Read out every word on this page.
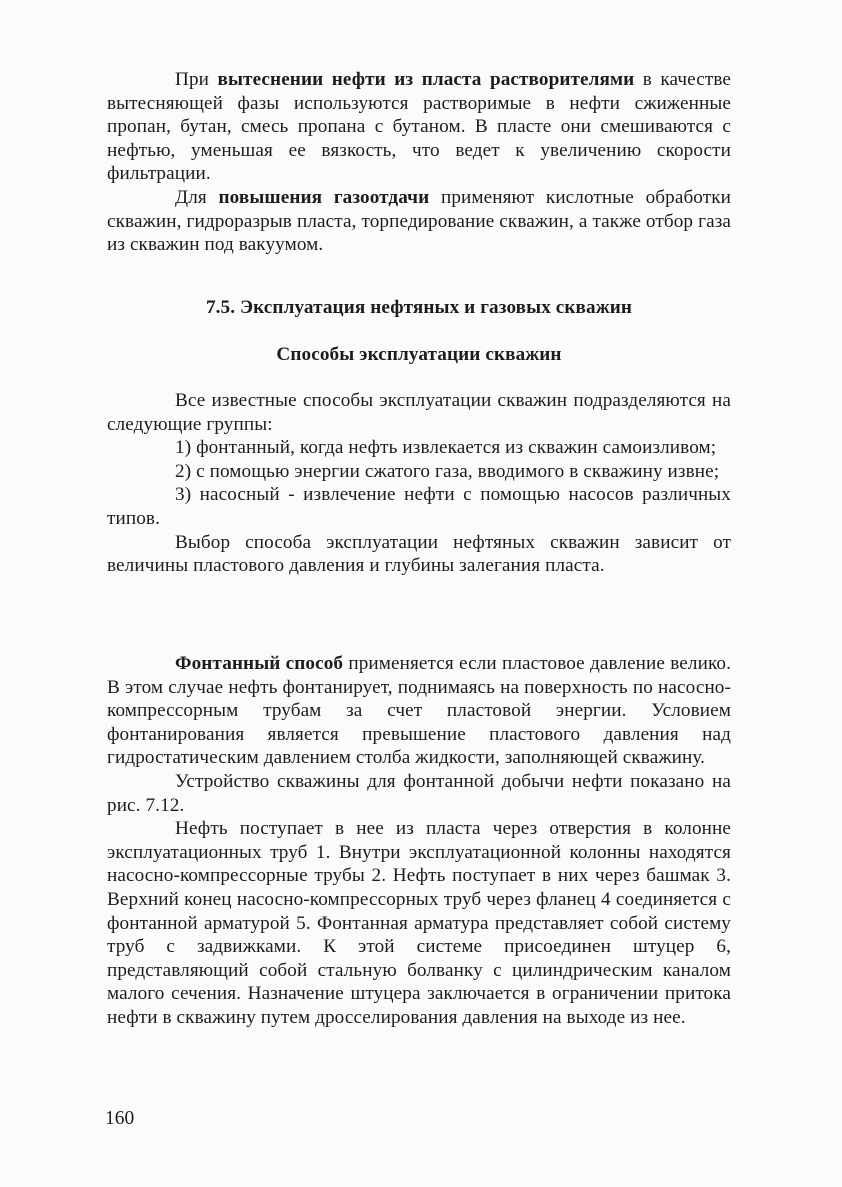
При вытеснении нефти из пласта растворителями в качестве вытесняющей фазы используются растворимые в нефти сжиженные пропан, бутан, смесь пропана с бутаном. В пласте они смешиваются с нефтью, уменьшая ее вязкость, что ведет к увеличению скорости фильтрации.

Для повышения газоотдачи применяют кислотные обработки скважин, гидроразрыв пласта, торпедирование скважин, а также отбор газа из скважин под вакуумом.

7.5. Эксплуатация нефтяных и газовых скважин

Способы эксплуатации скважин

Все известные способы эксплуатации скважин подразделяются на следующие группы:

1) фонтанный, когда нефть извлекается из скважин самоизливом;

2) с помощью энергии сжатого газа, вводимого в скважину извне;

3) насосный - извлечение нефти с помощью насосов различных типов.

Выбор способа эксплуатации нефтяных скважин зависит от величины пластового давления и глубины залегания пласта.

Фонтанный способ применяется если пластовое давление велико. В этом случае нефть фонтанирует, поднимаясь на поверхность по насосно-компрессорным трубам за счет пластовой энергии. Условием фонтанирования является превышение пластового давления над гидростатическим давлением столба жидкости, заполняющей скважину.

Устройство скважины для фонтанной добычи нефти показано на рис. 7.12.

Нефть поступает в нее из пласта через отверстия в колонне эксплуатационных труб 1. Внутри эксплуатационной колонны находятся насосно-компрессорные трубы 2. Нефть поступает в них через башмак 3. Верхний конец насосно-компрессорных труб через фланец 4 соединяется с фонтанной арматурой 5. Фонтанная арматура представляет собой систему труб с задвижками. К этой системе присоединен штуцер 6, представляющий собой стальную болванку с цилиндрическим каналом малого сечения. Назначение штуцера заключается в ограничении притока нефти в скважину путем дросселирования давления на выходе из нее.

160
